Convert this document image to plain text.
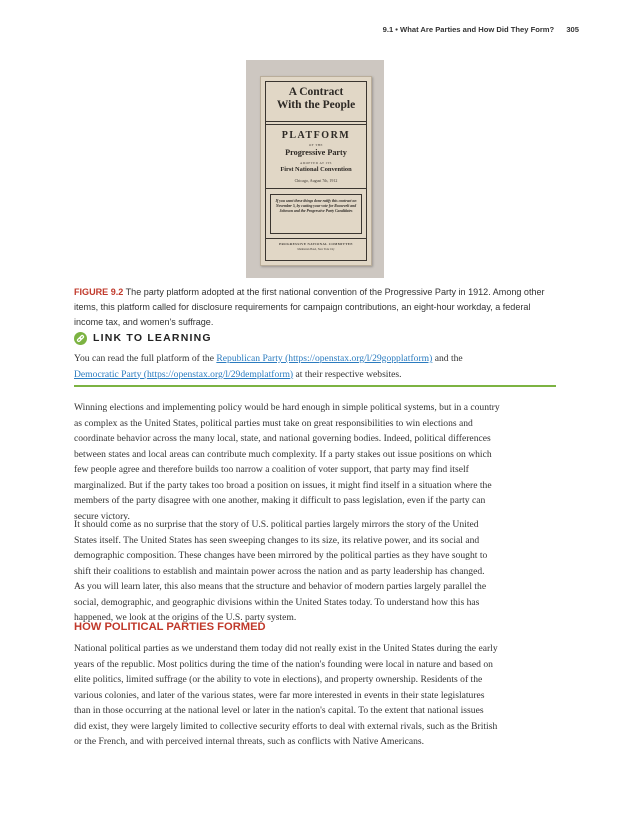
9.1 • What Are Parties and How Did They Form? 305
A Contract
With the People
PLATFORM
OF THE
Progressive Party
ADOPTED AT ITS
First National Convention
Chicago, August 7th, 1912
If you want these things done ratify this contract on November 5, by casting your vote for Roosevelt and Johnson and the Progressive Party Candidates
PROGRESSIVE NATIONAL COMMITTEE
Manhattan Hotel, New York City
FIGURE 9.2 The party platform adopted at the first national convention of the Progressive Party in 1912. Among other items, this platform called for disclosure requirements for campaign contributions, an eight-hour workday, a federal income tax, and women's suffrage.
LINK TO LEARNING
You can read the full platform of the Republican Party (https://openstax.org/l/29gopplatform) and the
Democratic Party (https://openstax.org/l/29demplatform) at their respective websites.
Winning elections and implementing policy would be hard enough in simple political systems, but in a country
as complex as the United States, political parties must take on great responsibilities to win elections and
coordinate behavior across the many local, state, and national governing bodies. Indeed, political differences
between states and local areas can contribute much complexity. If a party stakes out issue positions on which
few people agree and therefore builds too narrow a coalition of voter support, that party may find itself
marginalized. But if the party takes too broad a position on issues, it might find itself in a situation where the
members of the party disagree with one another, making it difficult to pass legislation, even if the party can
secure victory.
It should come as no surprise that the story of U.S. political parties largely mirrors the story of the United
States itself. The United States has seen sweeping changes to its size, its relative power, and its social and
demographic composition. These changes have been mirrored by the political parties as they have sought to
shift their coalitions to establish and maintain power across the nation and as party leadership has changed.
As you will learn later, this also means that the structure and behavior of modern parties largely parallel the
social, demographic, and geographic divisions within the United States today. To understand how this has
happened, we look at the origins of the U.S. party system.
HOW POLITICAL PARTIES FORMED
National political parties as we understand them today did not really exist in the United States during the early
years of the republic. Most politics during the time of the nation's founding were local in nature and based on
elite politics, limited suffrage (or the ability to vote in elections), and property ownership. Residents of the
various colonies, and later of the various states, were far more interested in events in their state legislatures
than in those occurring at the national level or later in the nation's capital. To the extent that national issues
did exist, they were largely limited to collective security efforts to deal with external rivals, such as the British
or the French, and with perceived internal threats, such as conflicts with Native Americans.
